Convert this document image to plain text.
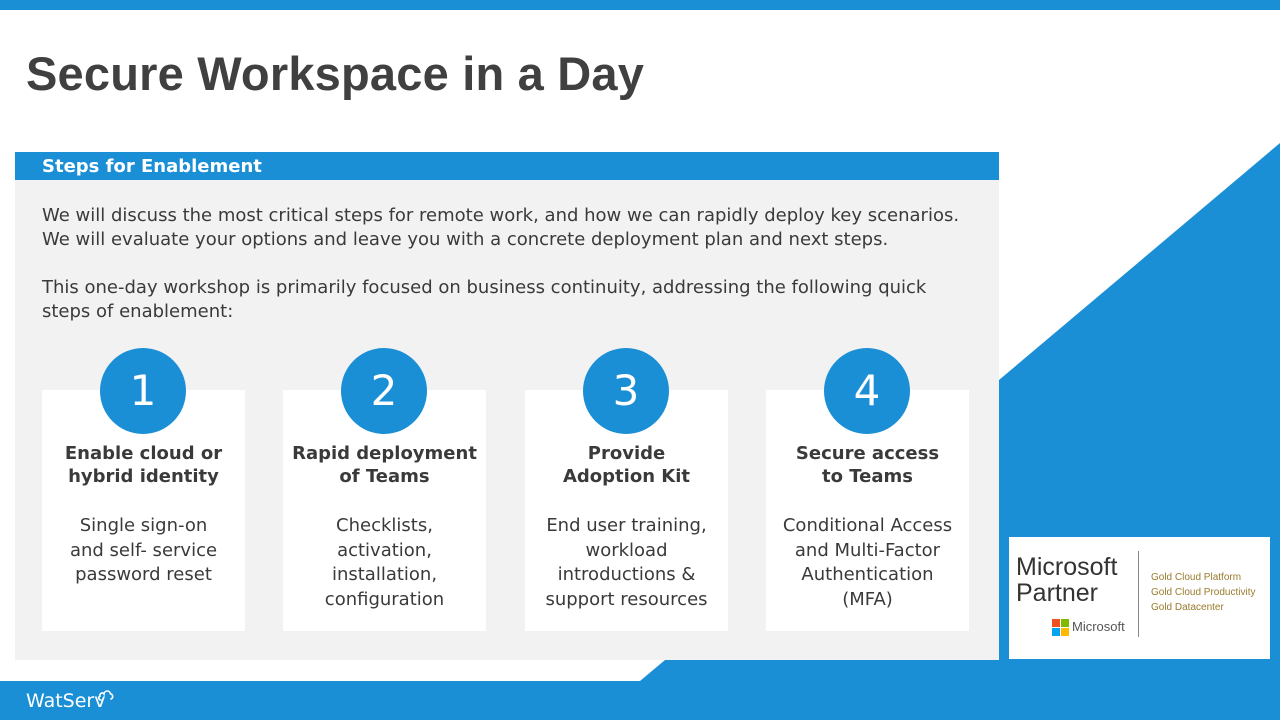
Secure Workspace in a Day
Steps for Enablement

We will discuss the most critical steps for remote work, and how we can rapidly deploy key scenarios. We will evaluate your options and leave you with a concrete deployment plan and next steps.

This one-day workshop is primarily focused on business continuity, addressing the following quick steps of enablement:

1
Enable cloud or
hybrid identity
Single sign-on
and self- service
password reset
2
Rapid deployment
of Teams
Checklists,
activation,
installation,
configuration
3
Provide
Adoption Kit
End user training,
workload
introductions &
support resources
4
Secure access
to Teams
Conditional Access
and Multi-Factor
Authentication
(MFA)
Microsoft
Partner
Microsoft
Gold Cloud Platform
Gold Cloud Productivity
Gold Datacenter
WatServ
